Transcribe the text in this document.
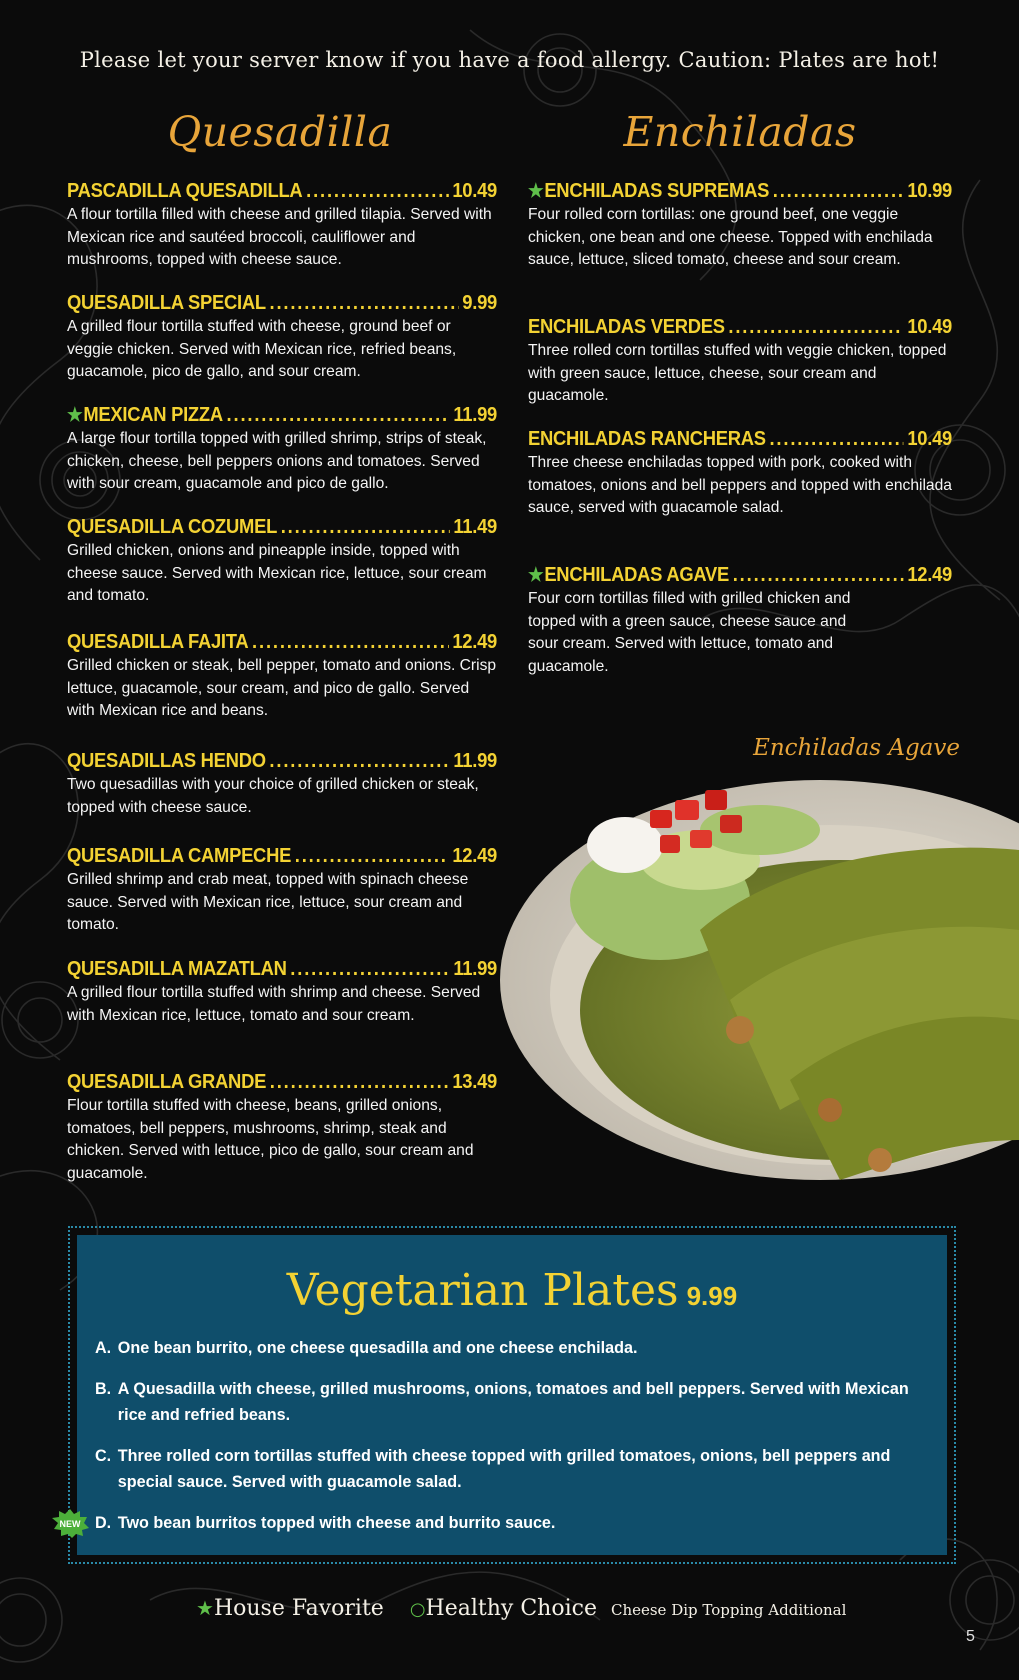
Please let your server know if you have a food allergy. Caution: Plates are hot!
Quesadilla	Enchiladas
PASCADILLA QUESADILLA .....	10.49
A flour tortilla filled with cheese and grilled tilapia. Served with Mexican rice and sautéed broccoli, cauliflower and mushrooms, topped with cheese sauce.
QUESADILLA SPECIAL .....	9.99
A grilled flour tortilla stuffed with cheese, ground beef or veggie chicken. Served with Mexican rice, refried beans, guacamole, pico de gallo, and sour cream.
★ MEXICAN PIZZA .....	11.99
A large flour tortilla topped with grilled shrimp, strips of steak, chicken, cheese, bell peppers onions and tomatoes. Served with sour cream, guacamole and pico de gallo.
QUESADILLA COZUMEL .....	11.49
Grilled chicken, onions and pineapple inside, topped with cheese sauce. Served with Mexican rice, lettuce, sour cream and tomato.
QUESADILLA FAJITA .....	12.49
Grilled chicken or steak, bell pepper, tomato and onions. Crisp lettuce, guacamole, sour cream, and pico de gallo. Served with Mexican rice and beans.
QUESADILLAS HENDO .....	11.99
Two quesadillas with your choice of grilled chicken or steak, topped with cheese sauce.
QUESADILLA CAMPECHE .....	12.49
Grilled shrimp and crab meat, topped with spinach cheese sauce. Served with Mexican rice, lettuce, sour cream and tomato.
QUESADILLA MAZATLAN .....	11.99
A grilled flour tortilla stuffed with shrimp and cheese. Served with Mexican rice, lettuce, tomato and sour cream.
QUESADILLA GRANDE .....	13.49
Flour tortilla stuffed with cheese, beans, grilled onions, tomatoes, bell peppers, mushrooms, shrimp, steak and chicken. Served with lettuce, pico de gallo, sour cream and guacamole.
★ ENCHILADAS SUPREMAS .....	10.99
Four rolled corn tortillas: one ground beef, one veggie chicken, one bean and one cheese. Topped with enchilada sauce, lettuce, sliced tomato, cheese and sour cream.
ENCHILADAS VERDES .....	10.49
Three rolled corn tortillas stuffed with veggie chicken, topped with green sauce, lettuce, cheese, sour cream and guacamole.
ENCHILADAS RANCHERAS .....	10.49
Three cheese enchiladas topped with pork, cooked with tomatoes, onions and bell peppers and topped with enchilada sauce, served with guacamole salad.
★ ENCHILADAS AGAVE .....	12.49
Four corn tortillas filled with grilled chicken and topped with a green sauce, cheese sauce and sour cream. Served with lettuce, tomato and guacamole.
Enchiladas Agave
Vegetarian Plates 9.99
A. One bean burrito, one cheese quesadilla and one cheese enchilada.
B. A Quesadilla with cheese, grilled mushrooms, onions, tomatoes and bell peppers. Served with Mexican rice and refried beans.
C. Three rolled corn tortillas stuffed with cheese topped with grilled tomatoes, onions, bell peppers and special sauce. Served with guacamole salad.
D. Two bean burritos topped with cheese and burrito sauce.
NEW
★House Favorite ○Healthy Choice Cheese Dip Topping Additional
5
